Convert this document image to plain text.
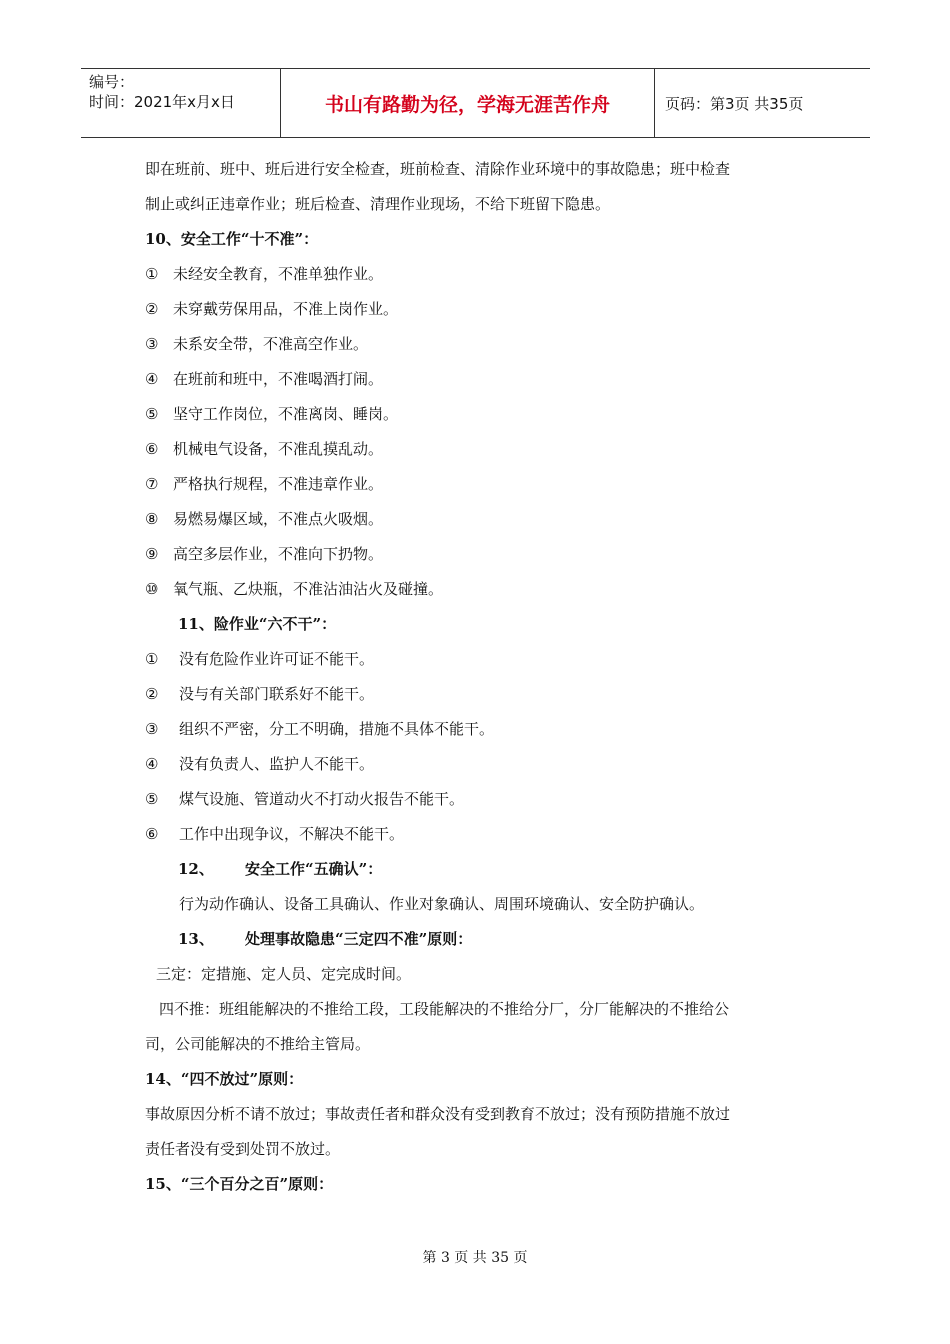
编号：
时间：2021年x月x日	书山有路勤为径，学海无涯苦作舟	页码：第3页 共35页
即在班前、班中、班后进行安全检查，班前检查、清除作业环境中的事故隐患；班中检查
制止或纠正违章作业；班后检查、清理作业现场，不给下班留下隐患。
10、安全工作“十不准”：
① 未经安全教育，不准单独作业。
② 未穿戴劳保用品，不准上岗作业。
③ 未系安全带，不准高空作业。
④ 在班前和班中，不准喝酒打闹。
⑤ 坚守工作岗位，不准离岗、睡岗。
⑥ 机械电气设备，不准乱摸乱动。
⑦ 严格执行规程，不准违章作业。
⑧ 易燃易爆区域，不准点火吸烟。
⑨ 高空多层作业，不准向下扔物。
⑩ 氧气瓶、乙炔瓶，不准沾油沾火及碰撞。
11、险作业“六不干”：
① 没有危险作业许可证不能干。
② 没与有关部门联系好不能干。
③ 组织不严密，分工不明确，措施不具体不能干。
④ 没有负责人、监护人不能干。
⑤ 煤气设施、管道动火不打动火报告不能干。
⑥ 工作中出现争议，不解决不能干。
12、 安全工作“五确认”：
行为动作确认、设备工具确认、作业对象确认、周围环境确认、安全防护确认。
13、 处理事故隐患“三定四不准”原则：
三定：定措施、定人员、定完成时间。
四不推：班组能解决的不推给工段，工段能解决的不推给分厂，分厂能解决的不推给公
司，公司能解决的不推给主管局。
14、“四不放过”原则：
事故原因分析不请不放过；事故责任者和群众没有受到教育不放过；没有预防措施不放过
责任者没有受到处罚不放过。
15、“三个百分之百”原则：
第 3 页 共 35 页
